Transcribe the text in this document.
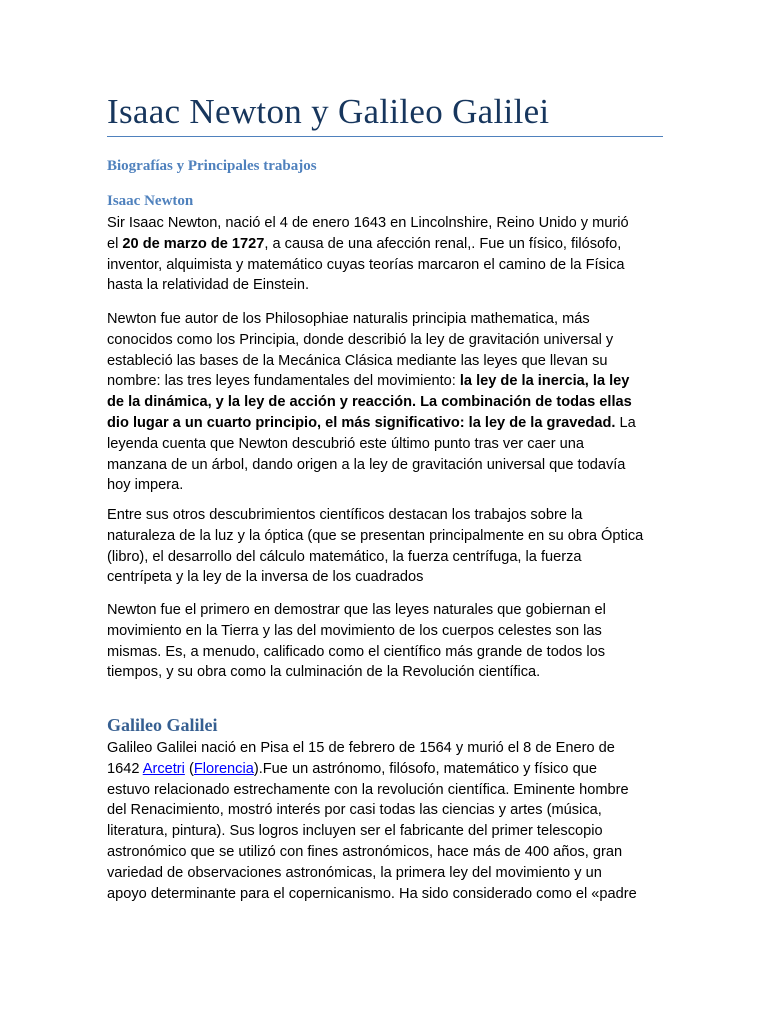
Isaac Newton y Galileo Galilei
Biografías y Principales trabajos
Isaac Newton

Sir Isaac Newton, nació el 4 de enero 1643 en Lincolnshire, Reino Unido y murió
el 20 de marzo de 1727, a causa de una afección renal,. Fue un físico, filósofo,
inventor, alquimista y matemático cuyas teorías marcaron el camino de la Física
hasta la relatividad de Einstein.

Newton fue autor de los Philosophiae naturalis principia mathematica, más
conocidos como los Principia, donde describió la ley de gravitación universal y
estableció las bases de la Mecánica Clásica mediante las leyes que llevan su
nombre: las tres leyes fundamentales del movimiento: la ley de la inercia, la ley
de la dinámica, y la ley de acción y reacción. La combinación de todas ellas
dio lugar a un cuarto principio, el más significativo: la ley de la gravedad. La
leyenda cuenta que Newton descubrió este último punto tras ver caer una
manzana de un árbol, dando origen a la ley de gravitación universal que todavía
hoy impera.

Entre sus otros descubrimientos científicos destacan los trabajos sobre la
naturaleza de la luz y la óptica (que se presentan principalmente en su obra Óptica
(libro), el desarrollo del cálculo matemático, la fuerza centrífuga, la fuerza
centrípeta y la ley de la inversa de los cuadrados

Newton fue el primero en demostrar que las leyes naturales que gobiernan el
movimiento en la Tierra y las del movimiento de los cuerpos celestes son las
mismas. Es, a menudo, calificado como el científico más grande de todos los
tiempos, y su obra como la culminación de la Revolución científica.

Galileo Galilei

Galileo Galilei nació en Pisa el 15 de febrero de 1564 y murió el 8 de Enero de
1642 Arcetri (Florencia).Fue un astrónomo, filósofo, matemático y físico que
estuvo relacionado estrechamente con la revolución científica. Eminente hombre
del Renacimiento, mostró interés por casi todas las ciencias y artes (música,
literatura, pintura). Sus logros incluyen ser el fabricante del primer telescopio
astronómico que se utilizó con fines astronómicos, hace más de 400 años, gran
variedad de observaciones astronómicas, la primera ley del movimiento y un
apoyo determinante para el copernicanismo. Ha sido considerado como el «padre
